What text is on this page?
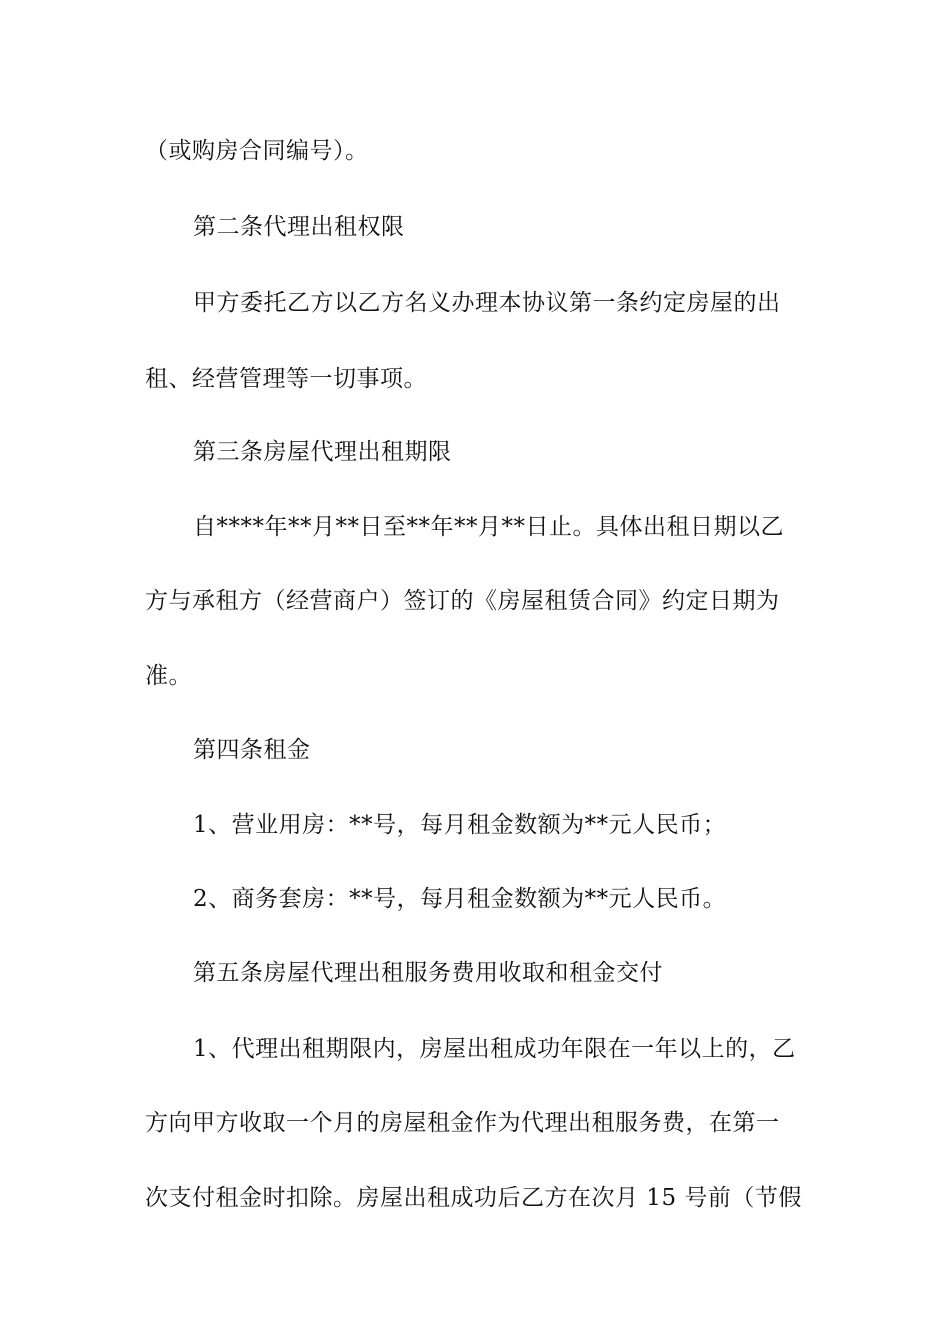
（或购房合同编号）。
第二条代理出租权限
甲方委托乙方以乙方名义办理本协议第一条约定房屋的出
租、经营管理等一切事项。
第三条房屋代理出租期限
自****年**月**日至**年**月**日止。具体出租日期以乙
方与承租方（经营商户）签订的《房屋租赁合同》约定日期为
准。
第四条租金
1、营业用房：**号，每月租金数额为**元人民币；
2、商务套房：**号，每月租金数额为**元人民币。
第五条房屋代理出租服务费用收取和租金交付
1、代理出租期限内，房屋出租成功年限在一年以上的，乙
方向甲方收取一个月的房屋租金作为代理出租服务费，在第一
次支付租金时扣除。房屋出租成功后乙方在次月 15 号前（节假
